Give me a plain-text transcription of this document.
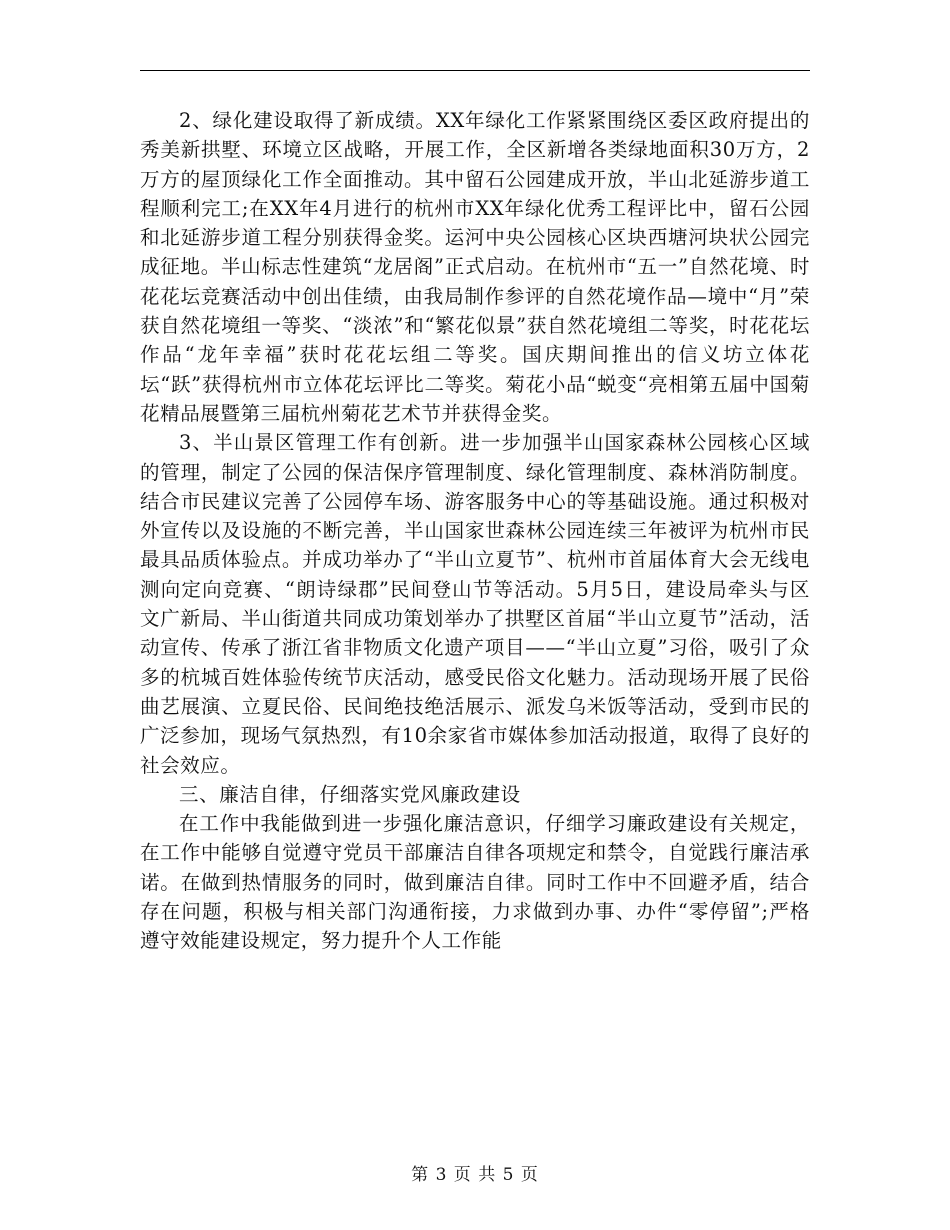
2、绿化建设取得了新成绩。XX年绿化工作紧紧围绕区委区政府提出的秀美新拱墅、环境立区战略，开展工作，全区新增各类绿地面积30万方，2万方的屋顶绿化工作全面推动。其中留石公园建成开放，半山北延游步道工程顺利完工;在XX年4月进行的杭州市XX年绿化优秀工程评比中，留石公园和北延游步道工程分别获得金奖。运河中央公园核心区块西塘河块状公园完成征地。半山标志性建筑“龙居阁”正式启动。在杭州市“五一”自然花境、时花花坛竞赛活动中创出佳绩，由我局制作参评的自然花境作品—境中“月”荣获自然花境组一等奖、“淡浓”和“繁花似景”获自然花境组二等奖，时花花坛作品“龙年幸福”获时花花坛组二等奖。国庆期间推出的信义坊立体花坛“跃”获得杭州市立体花坛评比二等奖。菊花小品“蜕变“亮相第五届中国菊花精品展暨第三届杭州菊花艺术节并获得金奖。

3、半山景区管理工作有创新。进一步加强半山国家森林公园核心区域的管理，制定了公园的保洁保序管理制度、绿化管理制度、森林消防制度。结合市民建议完善了公园停车场、游客服务中心的等基础设施。通过积极对外宣传以及设施的不断完善，半山国家世森林公园连续三年被评为杭州市民最具品质体验点。并成功举办了“半山立夏节”、杭州市首届体育大会无线电测向定向竞赛、“朗诗绿郡”民间登山节等活动。5月5日，建设局牵头与区文广新局、半山街道共同成功策划举办了拱墅区首届“半山立夏节”活动，活动宣传、传承了浙江省非物质文化遗产项目——“半山立夏”习俗，吸引了众多的杭城百姓体验传统节庆活动，感受民俗文化魅力。活动现场开展了民俗曲艺展演、立夏民俗、民间绝技绝活展示、派发乌米饭等活动，受到市民的广泛参加，现场气氛热烈，有10余家省市媒体参加活动报道，取得了良好的社会效应。

三、廉洁自律，仔细落实党风廉政建设

在工作中我能做到进一步强化廉洁意识，仔细学习廉政建设有关规定，在工作中能够自觉遵守党员干部廉洁自律各项规定和禁令，自觉践行廉洁承诺。在做到热情服务的同时，做到廉洁自律。同时工作中不回避矛盾，结合存在问题，积极与相关部门沟通衔接，力求做到办事、办件“零停留”;严格遵守效能建设规定，努力提升个人工作能

第 3 页 共 5 页
